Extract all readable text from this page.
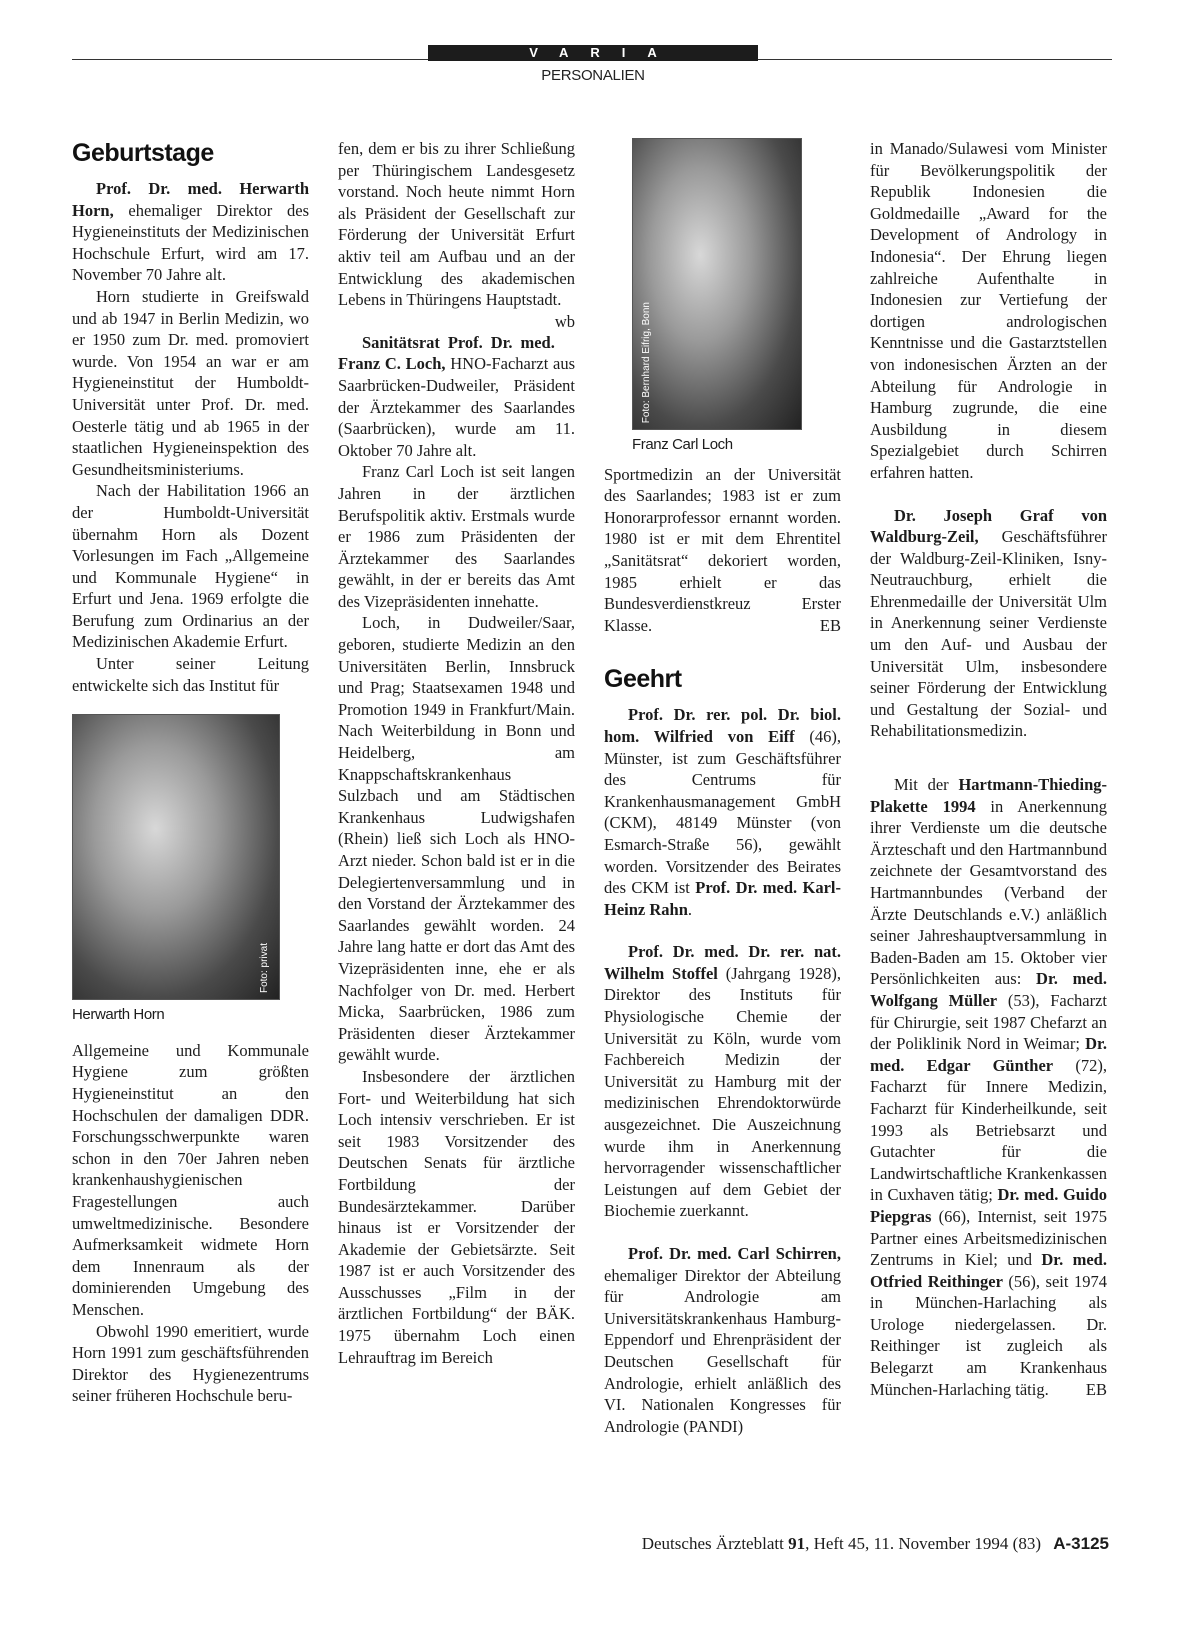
VARIA
PERSONALIEN
Geburtstage

Prof. Dr. med. Herwarth Horn, ehemaliger Direktor des Hygieneinstituts der Medizinischen Hochschule Erfurt, wird am 17. November 70 Jahre alt.

Horn studierte in Greifswald und ab 1947 in Berlin Medizin, wo er 1950 zum Dr. med. promoviert wurde. Von 1954 an war er am Hygieneinstitut der Humboldt-Universität unter Prof. Dr. med. Oesterle tätig und ab 1965 in der staatlichen Hygieneinspektion des Gesundheitsministeriums.

Nach der Habilitation 1966 an der Humboldt-Universität übernahm Horn als Dozent Vorlesungen im Fach „Allgemeine und Kommunale Hygiene“ in Erfurt und Jena. 1969 erfolgte die Berufung zum Ordinarius an der Medizinischen Akademie Erfurt.

Unter seiner Leitung entwickelte sich das Institut für

Foto: privat
Herwarth Horn

Allgemeine und Kommunale Hygiene zum größten Hygieneinstitut an den Hochschulen der damaligen DDR. Forschungsschwerpunkte waren schon in den 70er Jahren neben krankenhaushygienischen Fragestellungen auch umweltmedizinische. Besondere Aufmerksamkeit widmete Horn dem Innenraum als der dominierenden Umgebung des Menschen.

Obwohl 1990 emeritiert, wurde Horn 1991 zum geschäftsführenden Direktor des Hygienezentrums seiner früheren Hochschule beru-

fen, dem er bis zu ihrer Schließung per Thüringischem Landesgesetz vorstand. Noch heute nimmt Horn als Präsident der Gesellschaft zur Förderung der Universität Erfurt aktiv teil am Aufbau und an der Entwicklung des akademischen Lebens in Thüringens Hauptstadt.
wb

Sanitätsrat Prof. Dr. med. Franz C. Loch, HNO-Facharzt aus Saarbrücken-Dudweiler, Präsident der Ärztekammer des Saarlandes (Saarbrücken), wurde am 11. Oktober 70 Jahre alt.

Franz Carl Loch ist seit langen Jahren in der ärztlichen Berufspolitik aktiv. Erstmals wurde er 1986 zum Präsidenten der Ärztekammer des Saarlandes gewählt, in der er bereits das Amt des Vizepräsidenten innehatte.

Loch, in Dudweiler/Saar, geboren, studierte Medizin an den Universitäten Berlin, Innsbruck und Prag; Staatsexamen 1948 und Promotion 1949 in Frankfurt/Main. Nach Weiterbildung in Bonn und Heidelberg, am Knappschaftskrankenhaus Sulzbach und am Städtischen Krankenhaus Ludwigshafen (Rhein) ließ sich Loch als HNO-Arzt nieder. Schon bald ist er in die Delegiertenversammlung und in den Vorstand der Ärztekammer des Saarlandes gewählt worden. 24 Jahre lang hatte er dort das Amt des Vizepräsidenten inne, ehe er als Nachfolger von Dr. med. Herbert Micka, Saarbrücken, 1986 zum Präsidenten dieser Ärztekammer gewählt wurde.

Insbesondere der ärztlichen Fort- und Weiterbildung hat sich Loch intensiv verschrieben. Er ist seit 1983 Vorsitzender des Deutschen Senats für ärztliche Fortbildung der Bundesärztekammer. Darüber hinaus ist er Vorsitzender der Akademie der Gebietsärzte. Seit 1987 ist er auch Vorsitzender des Ausschusses „Film in der ärztlichen Fortbildung“ der BÄK. 1975 übernahm Loch einen Lehrauftrag im Bereich

Foto: Bernhard Eifrig, Bonn
Franz Carl Loch

Sportmedizin an der Universität des Saarlandes; 1983 ist er zum Honorarprofessor ernannt worden. 1980 ist er mit dem Ehrentitel „Sanitätsrat“ dekoriert worden, 1985 erhielt er das Bundesverdienstkreuz Erster Klasse.	EB

Geehrt

Prof. Dr. rer. pol. Dr. biol. hom. Wilfried von Eiff (46), Münster, ist zum Geschäftsführer des Centrums für Krankenhausmanagement GmbH (CKM), 48149 Münster (von Esmarch-Straße 56), gewählt worden. Vorsitzender des Beirates des CKM ist Prof. Dr. med. Karl-Heinz Rahn.

Prof. Dr. med. Dr. rer. nat. Wilhelm Stoffel (Jahrgang 1928), Direktor des Instituts für Physiologische Chemie der Universität zu Köln, wurde vom Fachbereich Medizin der Universität zu Hamburg mit der medizinischen Ehrendoktorwürde ausgezeichnet. Die Auszeichnung wurde ihm in Anerkennung hervorragender wissenschaftlicher Leistungen auf dem Gebiet der Biochemie zuerkannt.

Prof. Dr. med. Carl Schirren, ehemaliger Direktor der Abteilung für Andrologie am Universitätskrankenhaus Hamburg-Eppendorf und Ehrenpräsident der Deutschen Gesellschaft für Andrologie, erhielt anläßlich des VI. Nationalen Kongresses für Andrologie (PANDI)

in Manado/Sulawesi vom Minister für Bevölkerungspolitik der Republik Indonesien die Goldmedaille „Award for the Development of Andrology in Indonesia“. Der Ehrung liegen zahlreiche Aufenthalte in Indonesien zur Vertiefung der dortigen andrologischen Kenntnisse und die Gastarztstellen von indonesischen Ärzten an der Abteilung für Andrologie in Hamburg zugrunde, die eine Ausbildung in diesem Spezialgebiet durch Schirren erfahren hatten.

Dr. Joseph Graf von Waldburg-Zeil, Geschäftsführer der Waldburg-Zeil-Kliniken, Isny-Neutrauchburg, erhielt die Ehrenmedaille der Universität Ulm in Anerkennung seiner Verdienste um den Auf- und Ausbau der Universität Ulm, insbesondere seiner Förderung der Entwicklung und Gestaltung der Sozial- und Rehabilitationsmedizin.

Mit der Hartmann-Thieding-Plakette 1994 in Anerkennung ihrer Verdienste um die deutsche Ärzteschaft und den Hartmannbund zeichnete der Gesamtvorstand des Hartmannbundes (Verband der Ärzte Deutschlands e.V.) anläßlich seiner Jahreshauptversammlung in Baden-Baden am 15. Oktober vier Persönlichkeiten aus: Dr. med. Wolfgang Müller (53), Facharzt für Chirurgie, seit 1987 Chefarzt an der Poliklinik Nord in Weimar; Dr. med. Edgar Günther (72), Facharzt für Innere Medizin, Facharzt für Kinderheilkunde, seit 1993 als Betriebsarzt und Gutachter für die Landwirtschaftliche Krankenkassen in Cuxhaven tätig; Dr. med. Guido Piepgras (66), Internist, seit 1975 Partner eines Arbeitsmedizinischen Zentrums in Kiel; und Dr. med. Otfried Reithinger (56), seit 1974 in München-Harlaching als Urologe niedergelassen. Dr. Reithinger ist zugleich als Belegarzt am Krankenhaus München-Harlaching tätig.	EB

Deutsches Ärzteblatt 91, Heft 45, 11. November 1994 (83) A-3125
